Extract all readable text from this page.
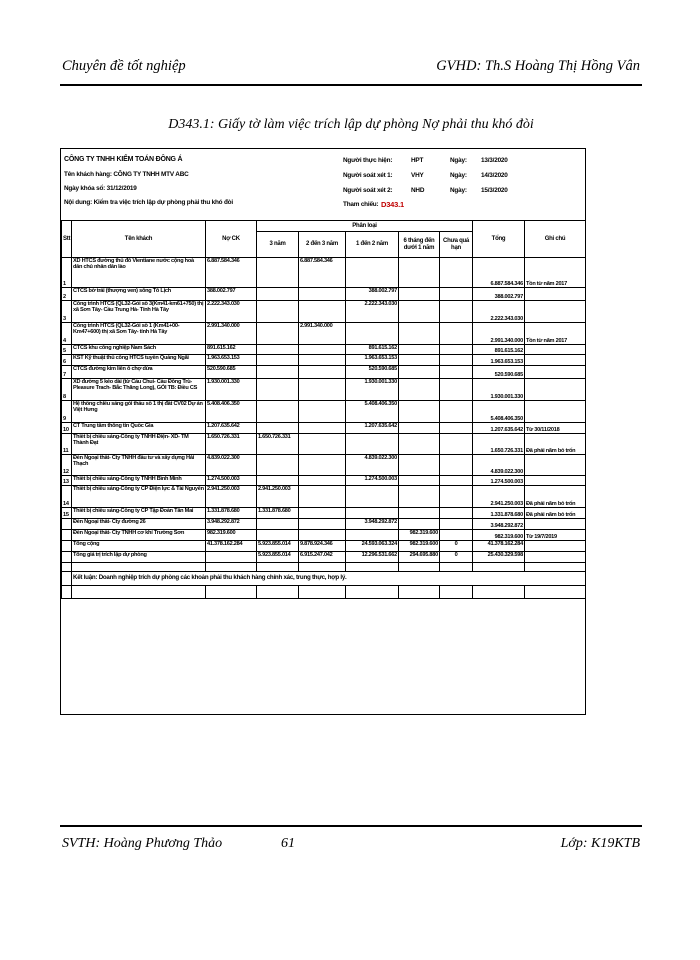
Chuyên đề tốt nghiệp	GVHD: Th.S Hoàng Thị Hồng Vân
D343.1: Giấy tờ làm việc trích lập dự phòng Nợ phải thu khó đòi
CÔNG TY TNHH KIỂM TOÁN ĐÔNG Á
Tên khách hàng: CÔNG TY TNHH MTV ABC
Ngày khóa sổ: 31/12/2019
Nội dung: Kiểm tra việc trích lập dự phòng phải thu khó đòi
Người thực hiện:	HPT	Ngày: 13/3/2020
Người soát xét 1:	VHY	Ngày: 14/3/2020
Người soát xét 2:	NHD	Ngày: 15/3/2020
Tham chiếu: D343.1
Stt	Tên khách	Nợ CK	Phân loại					Tổng	Ghi chú
			3 năm	2 đến 3 năm	1 đến 2 năm	6 tháng đến dưới 1 năm	Chưa quá hạn		
1	XD HTCS đường thủ đô Vientiane nước cộng hoà dân chủ nhân dân lào	6.887.584.346		6.887.584.346				6.887.584.346	Tồn từ năm 2017
2	CTCS bờ trái (thượng ven) sông Tô Lịch	388.002.797			388.002.797			388.002.797	
3	Công trình HTCS (QL32-Gói số 3(Km41-km61+750) thị xã Sơn Tây- Cầu Trung Hà- Tỉnh Hà Tây	2.222.343.030			2.222.343.030			2.222.343.030	
4	Công trình HTCS (QL32-Gói số 1 (Km41+00-Km47+600) thị xã Sơn Tây- tỉnh Hà Tây	2.991.340.000		2.991.340.000				2.991.340.000	Tồn từ năm 2017
5	CTCS khu công nghiệp Nam Sách	891.615.162			891.615.162			891.615.162	
6	KST Kỹ thuật thủ công HTCS tuyến Quảng Ngãi	1.963.653.153			1.963.653.153			1.963.653.153	
7	CTCS đường kim liên ô chợ dừa	520.590.685			520.590.685			520.590.685	
8	XD đường 5 kéo dài (từ Cầu Chui- Cầu Đông Trù- Pleasure Trach- Bắc Thăng Long), GÓI TB: Điều CS	1.930.001.330			1.930.001.330			1.930.001.330	
9	Hệ thống chiếu sáng gói thầu số 1 thị đất CV02 Dự án Việt Hưng	5.408.406.350			5.408.406.350			5.408.406.350	
10	CT Trung tâm thông tin Quốc Gia	1.207.635.642			1.207.635.642			1.207.635.642	Từ 30/11/2018
11	Thiết bị chiếu sáng-Công ty TNHH Điện- XD- TM Thành Đạt	1.650.726.331	1.650.726.331					1.650.726.331	Đã phải năm bỏ trốn
12	Đèn Ngoại thất- Cty TNHH đầu tư và xây dựng Hải Thạch	4.839.022.300			4.839.022.300			4.839.022.300	
13	Thiết bị chiếu sáng-Công ty TNHH Bình Minh	1.274.500.003			1.274.500.003			1.274.500.003	
14	Thiết bị chiếu sáng-Công ty CP Điện lực & Tài Nguyên	2.941.250.003	2.941.250.003					2.941.250.003	Đã phải năm bỏ trốn
15	Thiết bị chiếu sáng-Công ty CP Tập Đoàn Tân Mai	1.331.878.680	1.331.878.680					1.331.878.680	Đã phải năm bỏ trốn
	Đèn Ngoại thất- Cty đường 26	3.948.292.872			3.948.292.872			3.948.292.872	
	Đèn Ngoại thất- Cty TNHH cơ khí Trường Sơn	982.319.600				982.319.600		982.319.600	Từ 19/7/2019
	Tổng cộng	41.378.162.284	5.923.855.014	9.878.924.346	24.593.063.324	982.319.600	0	41.378.162.284	
	Tổng giá trị trích lập dự phòng		5.923.855.014	6.915.247.042	12.296.531.662	294.695.880	0	25.430.329.598	

	Kết luận: Doanh nghiệp trích dự phòng các khoản phải thu khách hàng chính xác, trung thực, hợp lý.								

SVTH: Hoàng Phương Thảo	61	Lớp: K19KTB
